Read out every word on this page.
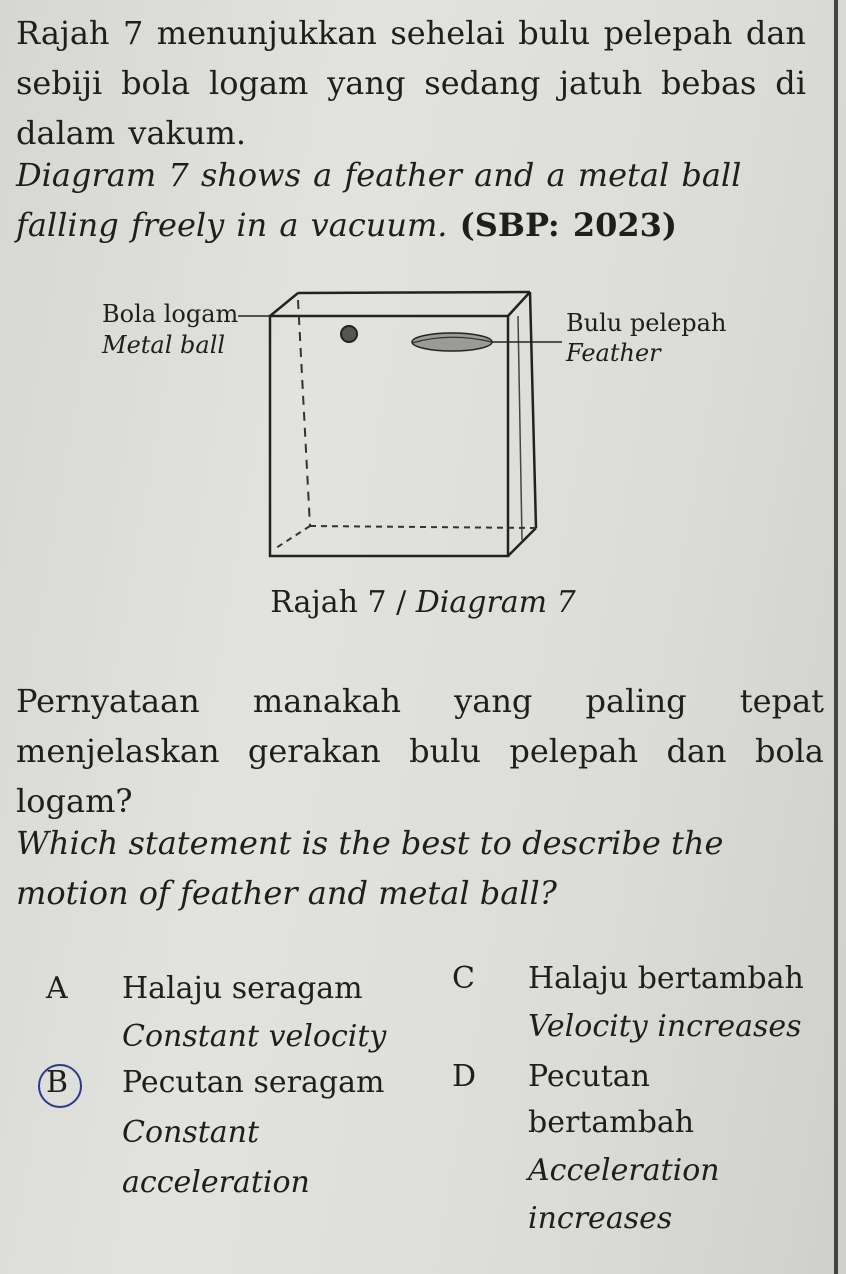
Rajah 7 menunjukkan sehelai bulu pelepah dan sebiji bola logam yang sedang jatuh bebas di dalam vakum.
Diagram 7 shows a feather and a metal ball falling freely in a vacuum. (SBP: 2023)
Bola logam
Metal ball
Bulu pelepah
Feather
Rajah 7 / Diagram 7
Pernyataan manakah yang paling tepat menjelaskan gerakan bulu pelepah dan bola logam?
Which statement is the best to describe the motion of feather and metal ball?
A Halaju seragam
Constant velocity
B Pecutan seragam
Constant
acceleration
C Halaju bertambah
Velocity increases
D Pecutan
bertambah
Acceleration
increases
